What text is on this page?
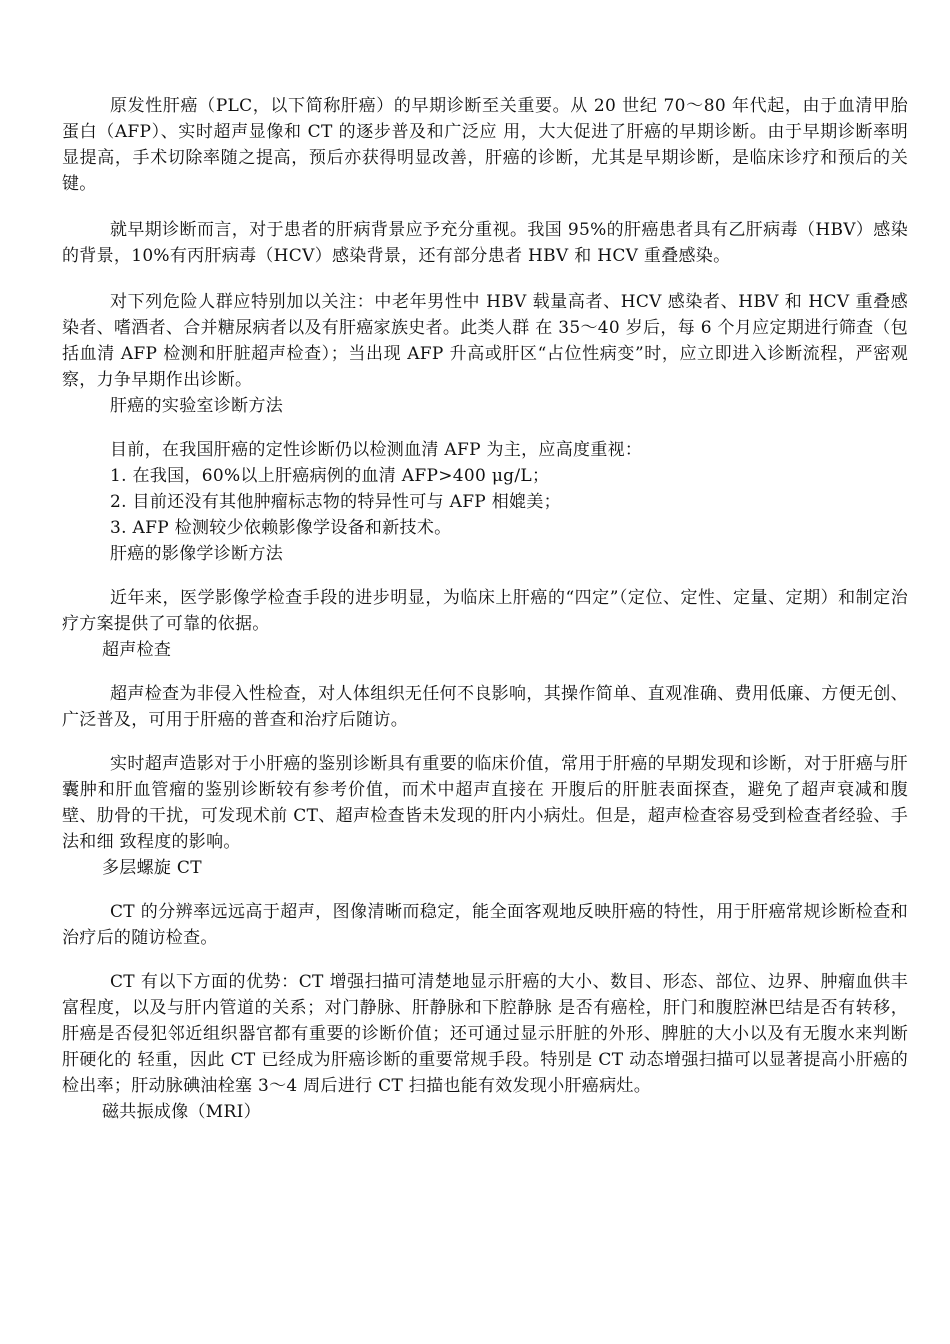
原发性肝癌（PLC，以下简称肝癌）的早期诊断至关重要。从 20 世纪 70～80 年代起，由于血清甲胎蛋白（AFP）、实时超声显像和 CT 的逐步普及和广泛应 用，大大促进了肝癌的早期诊断。由于早期诊断率明显提高，手术切除率随之提高，预后亦获得明显改善，肝癌的诊断，尤其是早期诊断，是临床诊疗和预后的关键。

就早期诊断而言，对于患者的肝病背景应予充分重视。我国 95%的肝癌患者具有乙肝病毒（HBV）感染的背景，10%有丙肝病毒（HCV）感染背景，还有部分患者 HBV 和 HCV 重叠感染。

对下列危险人群应特别加以关注：中老年男性中 HBV 载量高者、HCV 感染者、HBV 和 HCV 重叠感染者、嗜酒者、合并糖尿病者以及有肝癌家族史者。此类人群 在 35～40 岁后，每 6 个月应定期进行筛查（包括血清 AFP 检测和肝脏超声检查）；当出现 AFP 升高或肝区“占位性病变”时，应立即进入诊断流程，严密观 察，力争早期作出诊断。

肝癌的实验室诊断方法

目前，在我国肝癌的定性诊断仍以检测血清 AFP 为主，应高度重视：

1. 在我国，60%以上肝癌病例的血清 AFP>400 μg/L；

2. 目前还没有其他肿瘤标志物的特异性可与 AFP 相媲美；

3. AFP 检测较少依赖影像学设备和新技术。

肝癌的影像学诊断方法

近年来，医学影像学检查手段的进步明显，为临床上肝癌的“四定”（定位、定性、定量、定期）和制定治疗方案提供了可靠的依据。

超声检查

超声检查为非侵入性检查，对人体组织无任何不良影响，其操作简单、直观准确、费用低廉、方便无创、广泛普及，可用于肝癌的普查和治疗后随访。

实时超声造影对于小肝癌的鉴别诊断具有重要的临床价值，常用于肝癌的早期发现和诊断，对于肝癌与肝囊肿和肝血管瘤的鉴别诊断较有参考价值，而术中超声直接在 开腹后的肝脏表面探查，避免了超声衰减和腹壁、肋骨的干扰，可发现术前 CT、超声检查皆未发现的肝内小病灶。但是，超声检查容易受到检查者经验、手法和细 致程度的影响。

多层螺旋 CT

CT 的分辨率远远高于超声，图像清晰而稳定，能全面客观地反映肝癌的特性，用于肝癌常规诊断检查和治疗后的随访检查。

CT 有以下方面的优势：CT 增强扫描可清楚地显示肝癌的大小、数目、形态、部位、边界、肿瘤血供丰富程度，以及与肝内管道的关系；对门静脉、肝静脉和下腔静脉 是否有癌栓，肝门和腹腔淋巴结是否有转移，肝癌是否侵犯邻近组织器官都有重要的诊断价值；还可通过显示肝脏的外形、脾脏的大小以及有无腹水来判断肝硬化的 轻重，因此 CT 已经成为肝癌诊断的重要常规手段。特别是 CT 动态增强扫描可以显著提高小肝癌的检出率；肝动脉碘油栓塞 3～4 周后进行 CT 扫描也能有效发现小肝癌病灶。

磁共振成像（MRI）
